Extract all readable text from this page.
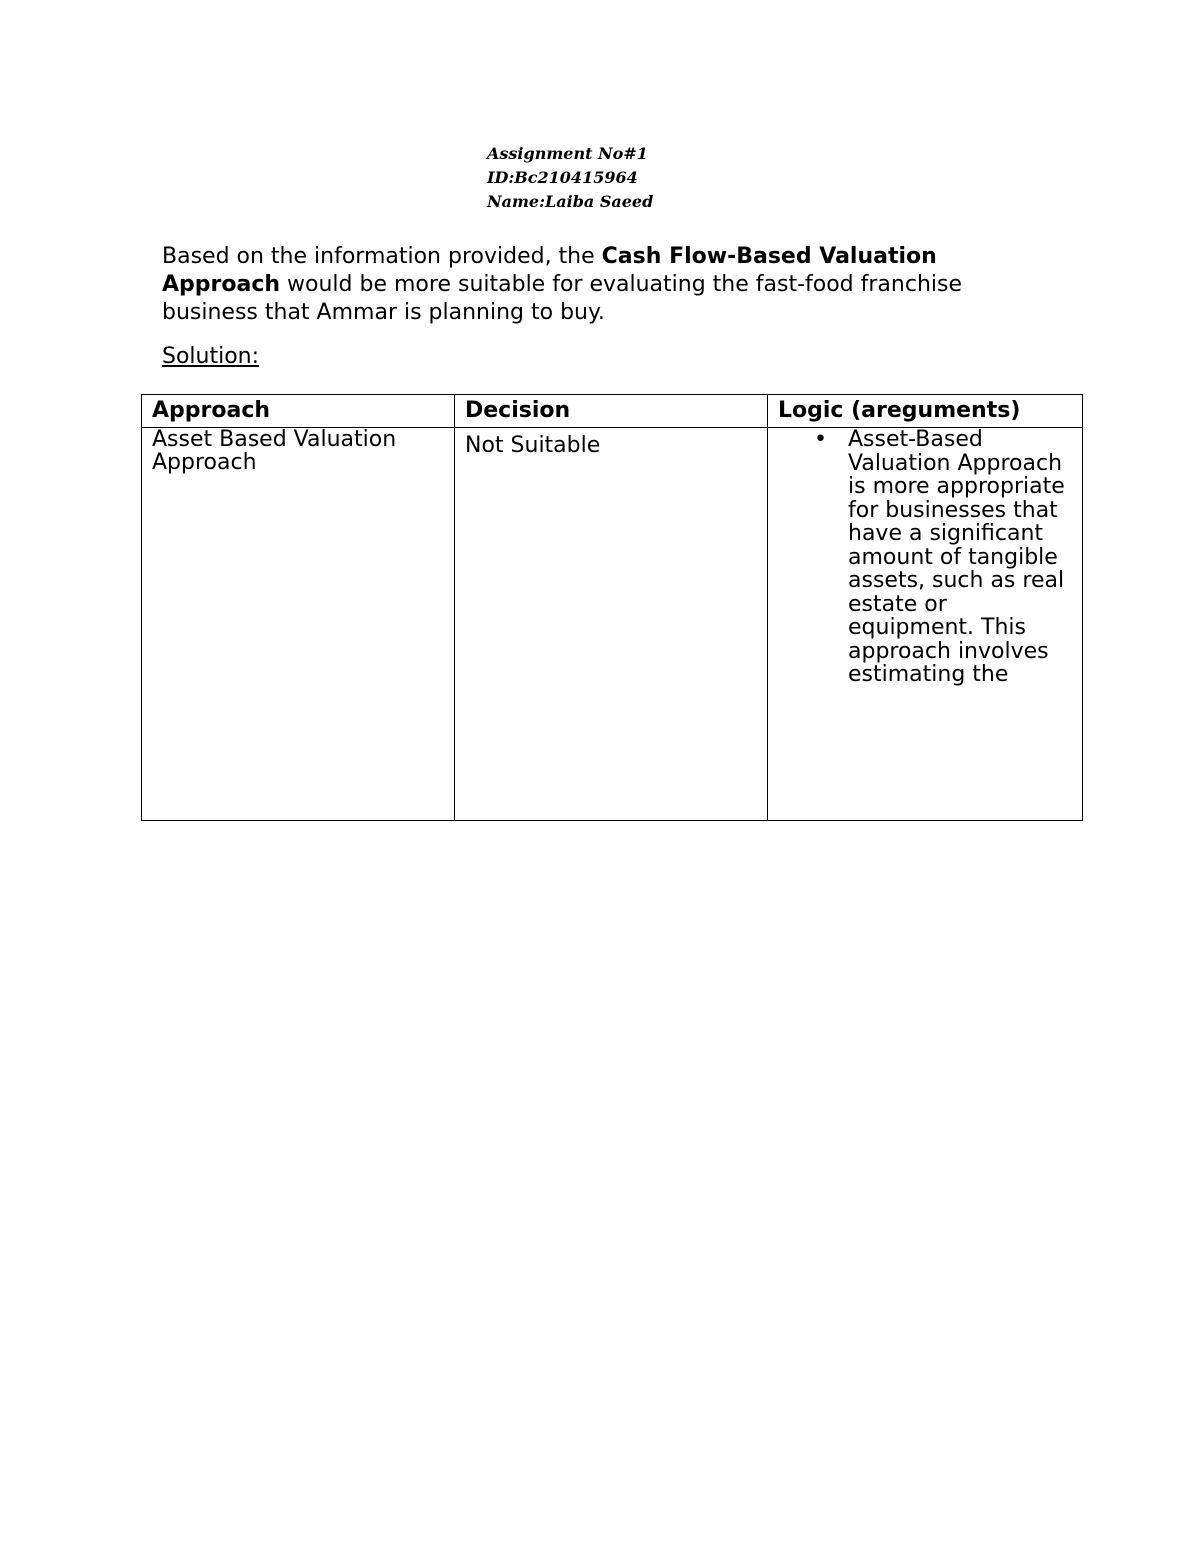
Assignment No#1
ID:Bc210415964
Name:Laiba Saeed

Based on the information provided, the Cash Flow-Based Valuation Approach would be more suitable for evaluating the fast-food franchise business that Ammar is planning to buy.

Solution:
Approach	Decision	Logic (areguments)
Asset Based Valuation Approach	Not Suitable	• Asset-Based Valuation Approach is more appropriate for businesses that have a significant amount of tangible assets, such as real estate or equipment. This approach involves estimating the
